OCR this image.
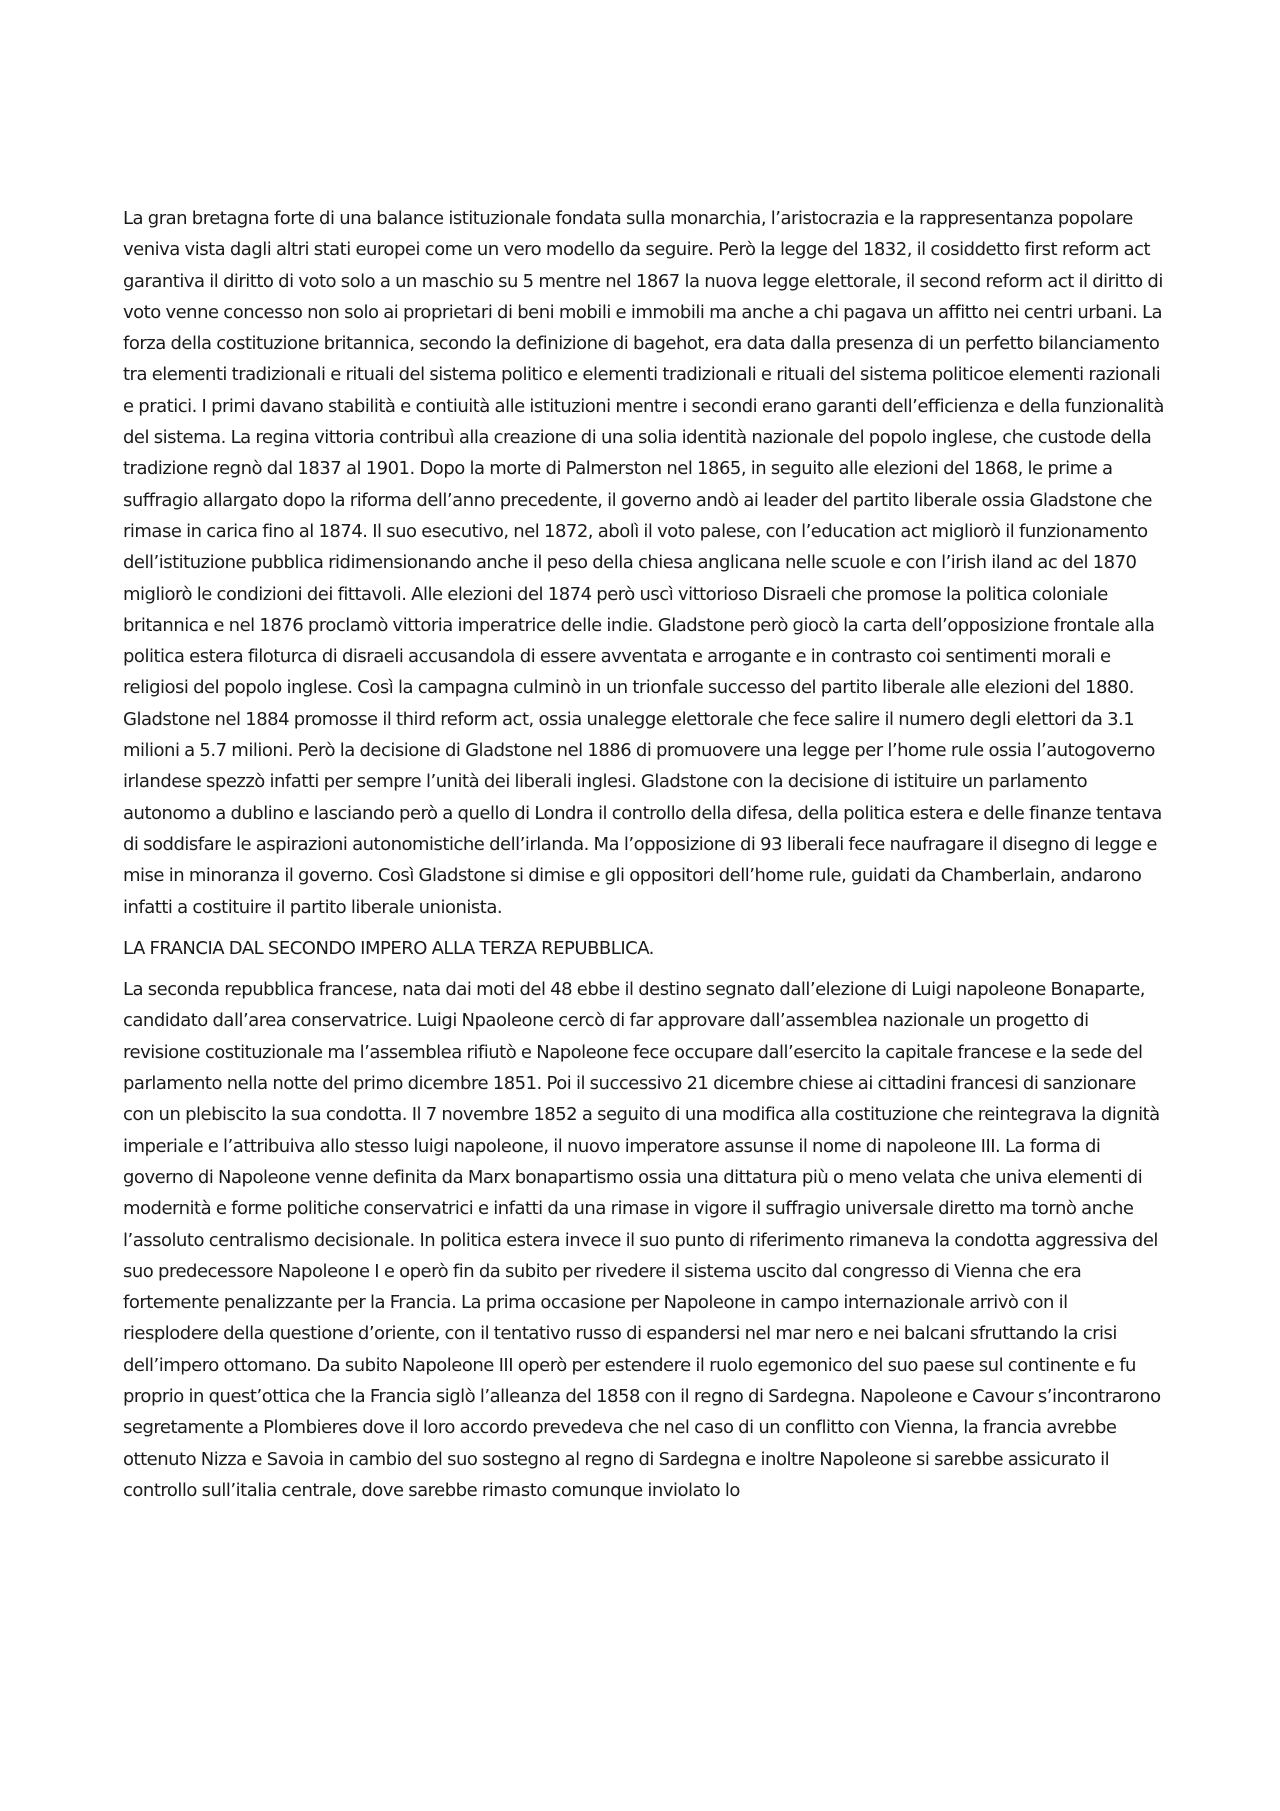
La gran bretagna forte di una balance istituzionale fondata sulla monarchia, l’aristocrazia e la rappresentanza popolare veniva vista dagli altri stati europei come un vero modello da seguire. Però la legge del 1832, il cosiddetto first reform act garantiva il diritto di voto solo a un maschio su 5 mentre nel 1867 la nuova legge elettorale, il second reform act il diritto di voto venne concesso non solo ai proprietari di beni mobili e immobili ma anche a chi pagava un affitto nei centri urbani. La forza della costituzione britannica, secondo la definizione di bagehot, era data dalla presenza di un perfetto bilanciamento tra elementi tradizionali e rituali del sistema politico e elementi tradizionali e rituali del sistema politicoe elementi razionali e pratici. I primi davano stabilità e contiuità alle istituzioni mentre i secondi erano garanti dell’efficienza e della funzionalità del sistema. La regina vittoria contribuì alla creazione di una solia identità nazionale del popolo inglese, che custode della tradizione regnò dal 1837 al 1901. Dopo la morte di Palmerston nel 1865, in seguito alle elezioni del 1868, le prime a suffragio allargato dopo la riforma dell’anno precedente, il governo andò ai leader del partito liberale ossia Gladstone che rimase in carica fino al 1874. Il suo esecutivo, nel 1872, abolì il voto palese, con l’education act migliorò il funzionamento dell’istituzione pubblica ridimensionando anche il peso della chiesa anglicana nelle scuole e con l’irish iland ac del 1870 migliorò le condizioni dei fittavoli. Alle elezioni del 1874 però uscì vittorioso Disraeli che promose la politica coloniale britannica e nel 1876 proclamò vittoria imperatrice delle indie. Gladstone però giocò la carta dell’opposizione frontale alla politica estera filoturca di disraeli accusandola di essere avventata e arrogante e in contrasto coi sentimenti morali e religiosi del popolo inglese. Così la campagna culminò in un trionfale successo del partito liberale alle elezioni del 1880. Gladstone nel 1884 promosse il third reform act, ossia unalegge elettorale che fece salire il numero degli elettori da 3.1 milioni a 5.7 milioni. Però la decisione di Gladstone nel 1886 di promuovere una legge per l’home rule ossia l’autogoverno irlandese spezzò infatti per sempre l’unità dei liberali inglesi. Gladstone con la decisione di istituire un parlamento autonomo a dublino e lasciando però a quello di Londra il controllo della difesa, della politica estera e delle finanze tentava di soddisfare le aspirazioni autonomistiche dell’irlanda. Ma l’opposizione di 93 liberali fece naufragare il disegno di legge e mise in minoranza il governo. Così Gladstone si dimise e gli oppositori dell’home rule, guidati da Chamberlain, andarono infatti a costituire il partito liberale unionista.

LA FRANCIA DAL SECONDO IMPERO ALLA TERZA REPUBBLICA.

La seconda repubblica francese, nata dai moti del 48 ebbe il destino segnato dall’elezione di Luigi napoleone Bonaparte, candidato dall’area conservatrice. Luigi Npaoleone cercò di far approvare dall’assemblea nazionale un progetto di revisione costituzionale ma l’assemblea rifiutò e Napoleone fece occupare dall’esercito la capitale francese e la sede del parlamento nella notte del primo dicembre 1851. Poi il successivo 21 dicembre chiese ai cittadini francesi di sanzionare con un plebiscito la sua condotta. Il 7 novembre 1852 a seguito di una modifica alla costituzione che reintegrava la dignità imperiale e l’attribuiva allo stesso luigi napoleone, il nuovo imperatore assunse il nome di napoleone III. La forma di governo di Napoleone venne definita da Marx bonapartismo ossia una dittatura più o meno velata che univa elementi di modernità e forme politiche conservatrici e infatti da una rimase in vigore il suffragio universale diretto ma tornò anche l’assoluto centralismo decisionale. In politica estera invece il suo punto di riferimento rimaneva la condotta aggressiva del suo predecessore Napoleone I e operò fin da subito per rivedere il sistema uscito dal congresso di Vienna che era fortemente penalizzante per la Francia. La prima occasione per Napoleone in campo internazionale arrivò con il riesplodere della questione d’oriente, con il tentativo russo di espandersi nel mar nero e nei balcani sfruttando la crisi dell’impero ottomano. Da subito Napoleone III operò per estendere il ruolo egemonico del suo paese sul continente e fu proprio in quest’ottica che la Francia siglò l’alleanza del 1858 con il regno di Sardegna. Napoleone e Cavour s’incontrarono segretamente a Plombieres dove il loro accordo prevedeva che nel caso di un conflitto con Vienna, la francia avrebbe ottenuto Nizza e Savoia in cambio del suo sostegno al regno di Sardegna e inoltre Napoleone si sarebbe assicurato il controllo sull’italia centrale, dove sarebbe rimasto comunque inviolato lo
